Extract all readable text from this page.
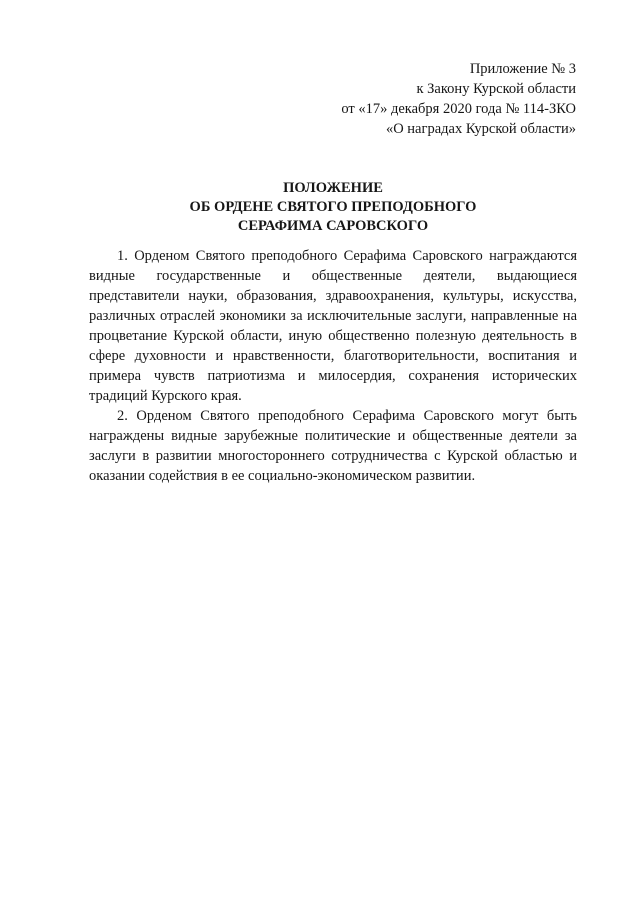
Приложение № 3
к Закону Курской области
от «17» декабря 2020 года № 114-ЗКО
«О наградах Курской области»
ПОЛОЖЕНИЕ
ОБ ОРДЕНЕ СВЯТОГО ПРЕПОДОБНОГО
СЕРАФИМА САРОВСКОГО

1. Орденом Святого преподобного Серафима Саровского награждаются видные государственные и общественные деятели, выдающиеся представители науки, образования, здравоохранения, культуры, искусства, различных отраслей экономики за исключительные заслуги, направленные на процветание Курской области, иную общественно полезную деятельность в сфере духовности и нравственности, благотворительности, воспитания и примера чувств патриотизма и милосердия, сохранения исторических традиций Курского края.

2. Орденом Святого преподобного Серафима Саровского могут быть награждены видные зарубежные политические и общественные деятели за заслуги в развитии многостороннего сотрудничества с Курской областью и оказании содействия в ее социально-экономическом развитии.
